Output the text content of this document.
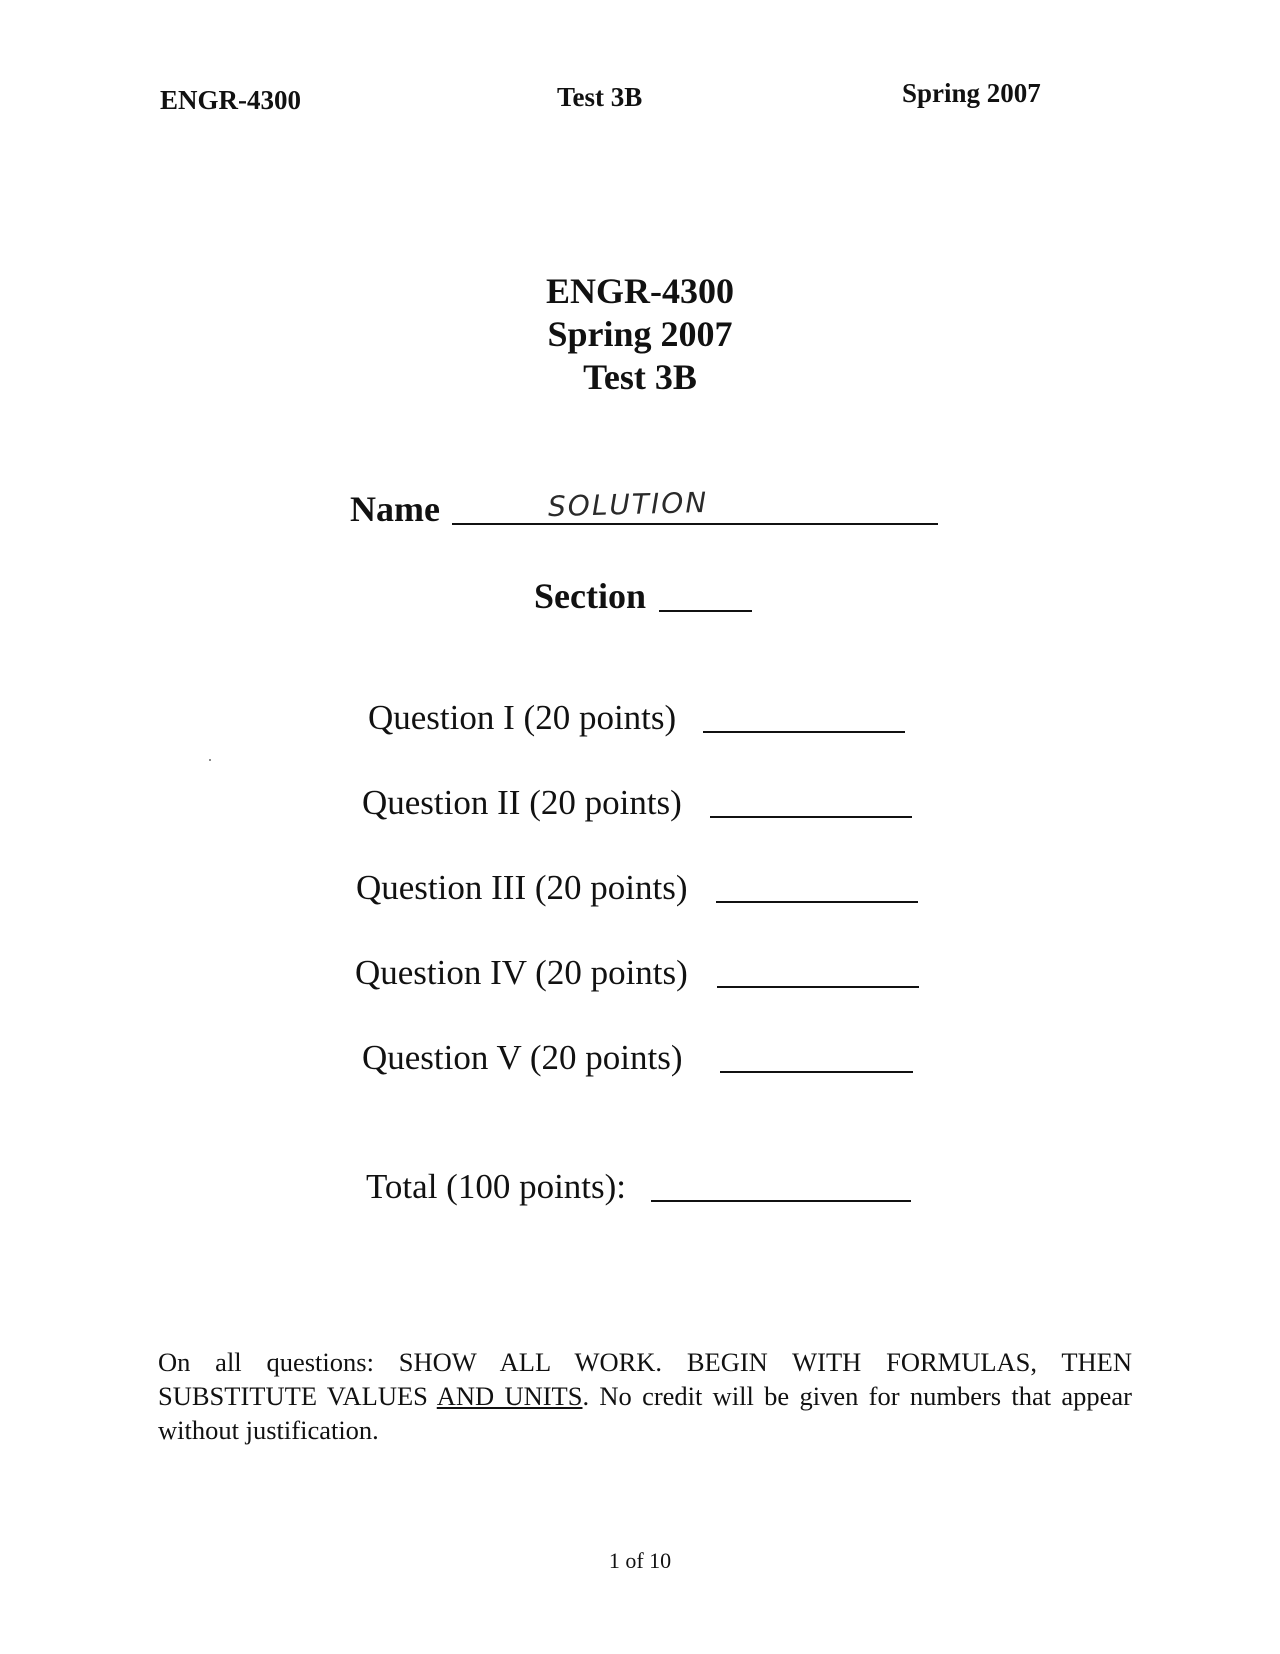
ENGR-4300	Test 3B	Spring 2007
ENGR-4300
Spring 2007
Test 3B
Name	SOLUTION
Section
Question I (20 points)
Question II (20 points)
Question III (20 points)
Question IV (20 points)
Question V (20 points)
Total (100 points):
On all questions: SHOW ALL WORK. BEGIN WITH FORMULAS, THEN SUBSTITUTE VALUES AND UNITS. No credit will be given for numbers that appear without justification.
1 of 10
